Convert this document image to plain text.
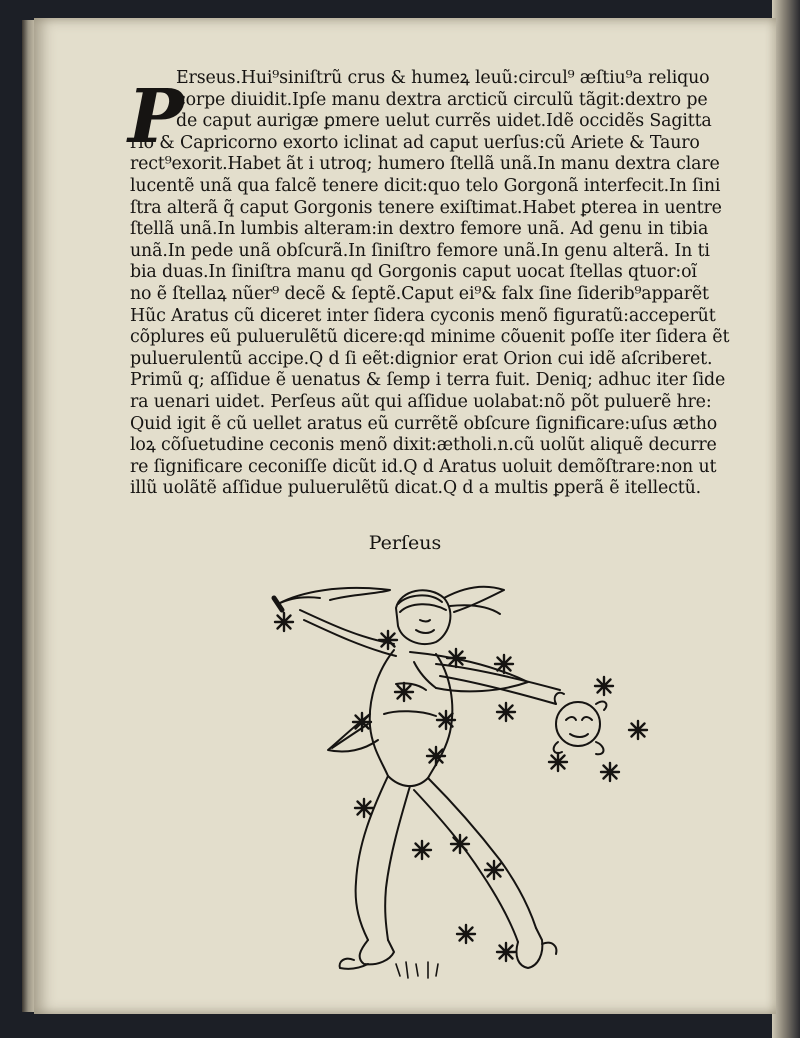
P
Erseus.Hui⁹siniſtrũ crus & humeꝝ leuũ:circul⁹ æſtiu⁹a reliquo
corpe diuidit.Ipſe manu dextra arcticũ circulũ tãgit:dextro pe
de caput aurigæ ꝑmere uelut currẽs uidet.Idẽ occidẽs Sagitta
rio & Capricorno exorto iclinat ad caput uerſus:cũ Ariete & Tauro
rect⁹exorit.Habet ãt i utroq; humero ſtellã unã.In manu dextra clare
lucentẽ unã qua falcẽ tenere dicit:quo telo Gorgonã interfecit.In ſini
ſtra alterã q̃ caput Gorgonis tenere exiſtimat.Habet ꝑterea in uentre
ſtellã unã.In lumbis alteram:in dextro femore unã. Ad genu in tibia
unã.In pede unã obſcurã.In ſiniſtro femore unã.In genu alterã. In ti
bia duas.In ſiniſtra manu qd Gorgonis caput uocat ſtellas qtuor:oĩ
no ẽ ſtellaꝝ nũer⁹ decẽ & ſeptẽ.Caput ei⁹& falx ſine ſiderib⁹apparẽt
Hũc Aratus cũ diceret inter ſidera cyconis menõ figuratũ:acceperũt
cõplures eũ puluerulẽtũ dicere:qd minime cõuenit poſſe iter ſidera ẽt
puluerulentũ accipe.Q d ſi eẽt:dignior erat Orion cui idẽ aſcriberet.
Primũ q; aſſidue ẽ uenatus & ſemp i terra fuit. Deniq; adhuc iter ſide
ra uenari uidet. Perſeus aũt qui aſſidue uolabat:nõ põt puluerẽ hre:
Quid igit ẽ cũ uellet aratus eũ currẽtẽ obſcure ſignificare:uſus ætho
loꝝ cõſuetudine ceconis menõ dixit:ætholi.n.cũ uolũt aliquẽ decurre
re ſignificare ceconiſſe dicũt id.Q d Aratus uoluit demõſtrare:non ut
illũ uolãtẽ aſſidue puluerulẽtũ dicat.Q d a multis ꝑperã ẽ itellectũ.
Perſeus
